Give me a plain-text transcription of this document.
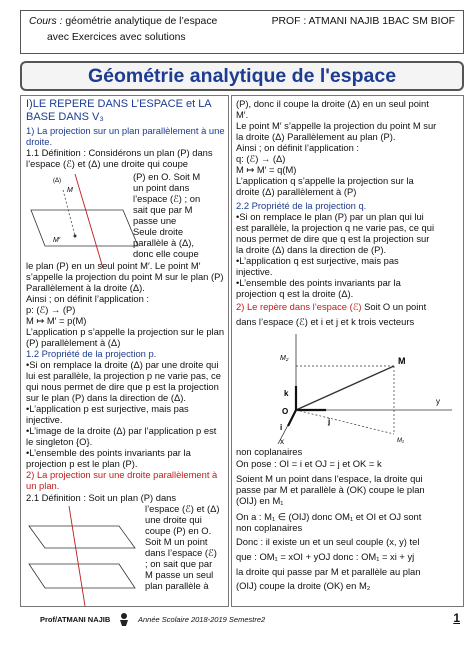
Cours : géométrie analytique de l’espace
avec Exercices avec solutions
PROF : ATMANI NAJIB 1BAC SM BIOF
Géométrie analytique de l'espace
I)LE REPERE DANS L’ESPACE et LA
BASE DANS V₃
1) La projection sur un plan parallèlement à une
droite.
1.1 Définition : Considérons un plan (P) dans
l’espace (ℰ) et (Δ) une droite qui coupe
(Δ)
M
M′
(P) en O. Soit M
un point dans
l’espace (ℰ) ; on
sait que par M
passe une
Seule droite
parallèle à (Δ),
donc elle coupe
le plan (P) en un seul point M′. Le point M′
s’appelle la projection du point M sur le plan (P)
Parallèlement à la droite (Δ).
Ainsi ; on définit l’application :
p: (ℰ) → (P)
M ↦ M′ = p(M)
L’application p s’appelle la projection sur le plan
(P) parallèlement à (Δ)
1.2 Propriété de la projection p.
•Si on remplace la droite (Δ) par une droite qui
lui est parallèle, la projection p ne varie pas, ce
qui nous permet de dire que p est la projection
sur le plan (P) dans la direction de (Δ).
•L’application p est surjective, mais pas
injective.
•L’image de la droite (Δ) par l’application p est
le singleton {O}.
•L’ensemble des points invariants par la
projection p est le plan (P).
2) La projection sur une droite parallèlement à
un plan.
2.1 Définition : Soit un plan (P) dans
l’espace (ℰ) et (Δ)
une droite qui
coupe (P) en O.
Soit M un point
dans l’espace (ℰ)
; on sait que par
M passe un seul
plan parallèle à
(P), donc il coupe la droite (Δ) en un seul point
M′.
Le point M′ s’appelle la projection du point M sur
la droite (Δ) Parallèlement au plan (P).
Ainsi ; on définit l’application :
q: (ℰ) → (Δ)
M ↦ M′ = q(M)
L’application q s’appelle la projection sur la
droite (Δ) parallèlement à (P)
2.2 Propriété de la projection q.
•Si on remplace le plan (P) par un plan qui lui
est parallèle, la projection q ne varie pas, ce qui
nous permet de dire que q est la projection sur
la droite (Δ) dans la direction de (P).
•L’application q est surjective, mais pas
injective.
•L’ensemble des points invariants par la
projection q est la droite (Δ).
2) Le repère dans l’espace (ℰ) Soit O un point
dans l’espace (ℰ) et i et j et k trois vecteurs
M₂
k
M
O
j
i
y
x	M₁
non coplanaires
On pose : OI = i et OJ = j et OK = k
Soient M un point dans l’espace, la droite qui
passe par M et parallèle à (OK) coupe le plan
(OIJ) en M₁
On a : M₁ ∈ (OIJ) donc OM₁ et OI et OJ sont
non coplanaires
Donc : il existe un et un seul couple (x, y) tel
que : OM₁ = xOI + yOJ donc : OM₁ = xi + yj
la droite qui passe par M et parallèle au plan
(OIJ) coupe la droite (OK) en M₂
Prof/ATMANI NAJIB	Année Scolaire 2018-2019 Semestre2	1
